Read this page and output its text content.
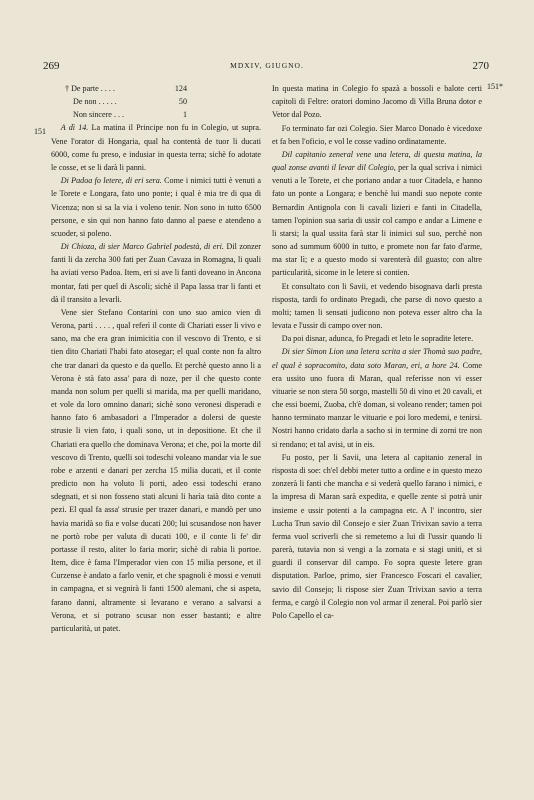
269	MDXIV, GIUGNO.	270
151
151*
† De parte . . . .	124
De non . . . . .	50
Non sincere . . .	1

A dì 14. La matina il Principe non fu in Colegio, ut supra. Vene l'orator di Hongaria, qual ha contentà de tuor li ducati 6000, come fu preso, e indusiar in questa terra; sichè fo adotate le cosse, et se li darà li panni.

Di Padoa fo letere, di eri sera. Come i nimici tutti è venuti a le Torete e Longara, fato uno ponte; i qual è mia tre di qua di Vicenza; non si sa la via i voleno tenir. Non sono in tutto 6500 persone, e sin qui non hanno fato danno al paese e atendeno a scuoder, si poleno.

Di Chioza, di sier Marco Gabriel podestà, di eri. Dil zonzer fanti li da zercha 300 fati per Zuan Cavaza in Romagna, li quali ha aviati verso Padoa. Item, eri si ave li fanti doveano in Ancona montar, fati per quel di Ascoli; sichè il Papa lassa trar li fanti et dà il transito a levarli.

Vene sier Stefano Contarini con uno suo amico vien di Verona, partì . . . . , qual referì il conte di Chariati esser li vivo e sano, ma che era gran inimicitia con il vescovo di Trento, e si tien dito Chariati l'habi fato atosegar; el qual conte non fa altro che trar danari da questo e da quello. Et perchè questo anno li a Verona è stà fato assa' para di noze, per il che questo conte manda non solum per quelli si marida, ma per quelli maridano, et vole da loro omnino danari; sichè sono veronesi disperadi e hanno fato 6 ambasadori a l'Imperador a dolersi de queste strusie li vien fato, i quali sono, ut in depositione. Et che il Chariati era quello che dominava Verona; et che, poi la morte dil vescovo di Trento, quelli soi todeschi voleano mandar via le sue robe e arzenti e danari per zercha 15 milia ducati, et il conte predicto non ha voluto li porti, adeo essi todeschi erano sdegnati, et si non fosseno stati alcuni li harìa taià dito conte a pezi. El qual fa assa' strusie per trazer danari, e mandò per uno havia maridà so fia e volse ducati 200; lui scusandose non haver ne portò robe per valuta di ducati 100, e il conte li fe' dir portasse il resto, aliter lo faria morir; sichè di rabia li portoe. Item, dice è fama l'Imperador vien con 15 milia persone, et il Curzense è andato a farlo venir, et che spagnoli è mossi e venuti in campagna, et si vegnirà li fanti 1500 alemani, che si aspeta, farano danni, altramente si levarano e verano a salvarsi a Verona, et si potrano scusar non esser bastanti; e altre particularità, ut patet.

In questa matina in Colegio fo spazà a bossoli e balote certi capitoli di Feltre: oratori domino Jacomo di Villa Bruna dotor e Vetor dal Pozo.

Fo terminato far ozi Colegio. Sier Marco Donado è vicedoxe et fa ben l'oficio, e vol le cosse vadino ordinatamente.

Dil capitanio zeneral vene una letera, di questa matina, la qual zonse avanti il levar dil Colegio, per la qual scriva i nimici venuti a le Torete, et che poriano andar a tuor Citadela, e hanno fato un ponte a Longara; e benchè lui mandi suo nepote conte Bernardin Antignola con li cavali lizieri e fanti in Citadella, tamen l'opinion sua saria di ussir col campo e andar a Limene e li starsi; la qual ussita farà star li inimici sul suo, perchè non sono ad summum 6000 in tutto, e promete non far fato d'arme, ma star lì; e a questo modo si varenterà dil guasto; con altre particularità, sicome in le letere si contien.

Et consultato con li Savii, et vedendo bisognava darli presta risposta, tardi fo ordinato Pregadi, che parse di novo questo a molti; tamen li sensati judicono non poteva esser altro cha la levata e l'ussir di campo over non.

Da poi disnar, adunca, fo Pregadi et leto le sopradite letere.

Di sier Simon Lion una letera scrita a sier Thomà suo padre, el qual è sopracomito, data soto Maran, eri, a hore 24. Come era ussito uno fuora di Maran, qual referisse non vi esser vituarie se non stera 50 sorgo, mastelli 50 di vino et 20 cavali, et che essi boemi, Zuoba, ch'è doman, si voleano render; tamen poi hanno terminato manzar le vituarie e poi loro medemi, e tenirsi. Nostri hanno cridato darla a sacho si in termine di zorni tre non si rendano; et tal avisi, ut in eis.

Fu posto, per li Savii, una letera al capitanio zeneral in risposta di soe: ch'el debbi meter tutto a ordine e in questo mezo zonzerà li fanti che mancha e si vederà quello farano i nimici, e la impresa di Maran sarà expedita, e quelle zente si potrà unir insieme e ussir potenti a la campagna etc. A l' incontro, sier Lucha Trun savio dil Consejo e sier Zuan Trivixan savio a terra ferma vuol scriverli che si remetemo a lui di l'ussir quando li parerà, tutavia non si vengi a la zornata e si stagi uniti, et si guardi il conservar dil campo. Fo sopra queste letere gran disputation. Parloe, primo, sier Francesco Foscari el cavalier, savio dil Consejo; li rispose sier Zuan Trivixan savio a terra ferma, e cargò il Colegio non vol armar il zeneral. Poi parlò sier Polo Capello el ca-
